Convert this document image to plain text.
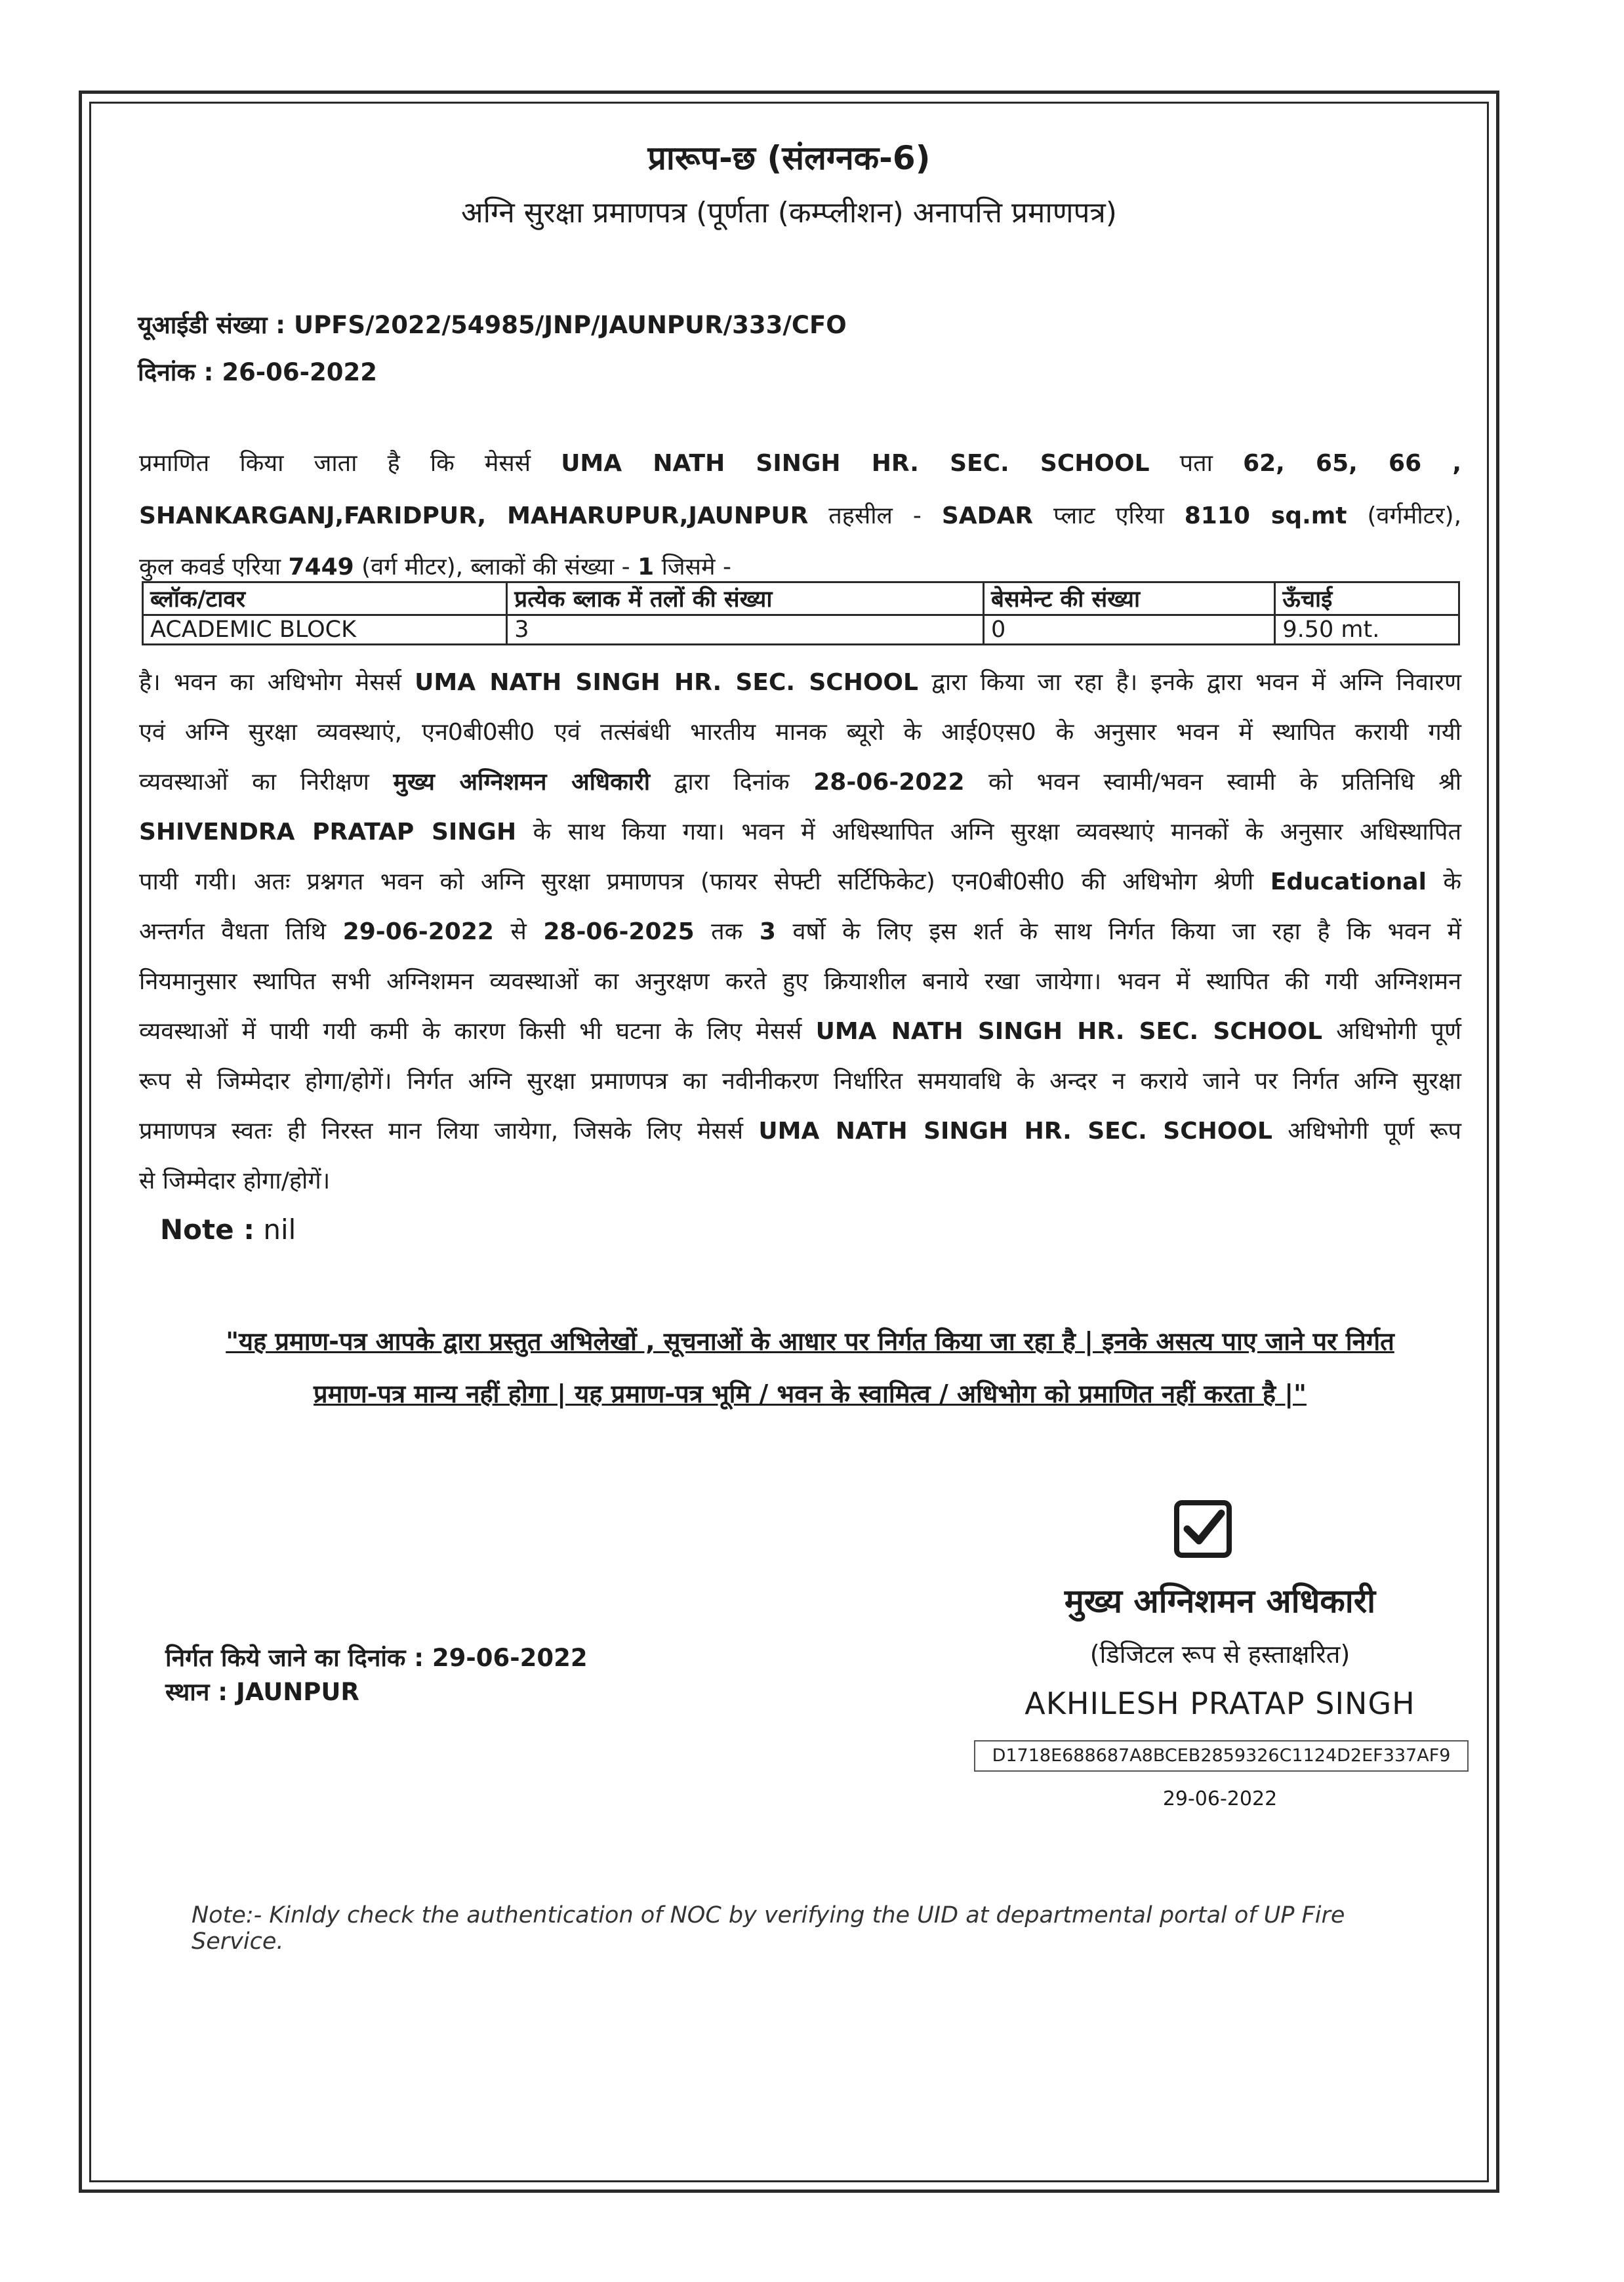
प्रारूप-छ (संलग्नक-6)
अग्नि सुरक्षा प्रमाणपत्र (पूर्णता (कम्प्लीशन) अनापत्ति प्रमाणपत्र)
यूआईडी संख्या : UPFS/2022/54985/JNP/JAUNPUR/333/CFO
दिनांक : 26-06-2022
प्रमाणित किया जाता है कि मेसर्स UMA NATH SINGH HR. SEC. SCHOOL पता 62, 65, 66 ,
SHANKARGANJ,FARIDPUR, MAHARUPUR,JAUNPUR तहसील - SADAR प्लाट एरिया 8110 sq.mt (वर्गमीटर),
कुल कवर्ड एरिया 7449 (वर्ग मीटर), ब्लाकों की संख्या - 1 जिसमे -
ब्लॉक/टावर	प्रत्येक ब्लाक में तलों की संख्या	बेसमेन्ट की संख्या	ऊँचाई
ACADEMIC BLOCK	3	0	9.50 mt.
है। भवन का अधिभोग मेसर्स UMA NATH SINGH HR. SEC. SCHOOL द्वारा किया जा रहा है। इनके द्वारा भवन में अग्नि निवारण
एवं अग्नि सुरक्षा व्यवस्थाएं, एन0बी0सी0 एवं तत्संबंधी भारतीय मानक ब्यूरो के आई0एस0 के अनुसार भवन में स्थापित करायी गयी
व्यवस्थाओं का निरीक्षण मुख्य अग्निशमन अधिकारी द्वारा दिनांक 28-06-2022 को भवन स्वामी/भवन स्वामी के प्रतिनिधि श्री
SHIVENDRA PRATAP SINGH के साथ किया गया। भवन में अधिस्थापित अग्नि सुरक्षा व्यवस्थाएं मानकों के अनुसार अधिस्थापित
पायी गयी। अतः प्रश्नगत भवन को अग्नि सुरक्षा प्रमाणपत्र (फायर सेफ्टी सर्टिफिकेट) एन0बी0सी0 की अधिभोग श्रेणी Educational के
अन्तर्गत वैधता तिथि 29-06-2022 से 28-06-2025 तक 3 वर्षो के लिए इस शर्त के साथ निर्गत किया जा रहा है कि भवन में
नियमानुसार स्थापित सभी अग्निशमन व्यवस्थाओं का अनुरक्षण करते हुए क्रियाशील बनाये रखा जायेगा। भवन में स्थापित की गयी अग्निशमन
व्यवस्थाओं में पायी गयी कमी के कारण किसी भी घटना के लिए मेसर्स UMA NATH SINGH HR. SEC. SCHOOL अधिभोगी पूर्ण
रूप से जिम्मेदार होगा/होगें। निर्गत अग्नि सुरक्षा प्रमाणपत्र का नवीनीकरण निर्धारित समयावधि के अन्दर न कराये जाने पर निर्गत अग्नि सुरक्षा
प्रमाणपत्र स्वतः ही निरस्त मान लिया जायेगा, जिसके लिए मेसर्स UMA NATH SINGH HR. SEC. SCHOOL अधिभोगी पूर्ण रूप
से जिम्मेदार होगा/होगें।
Note : nil
"यह प्रमाण-पत्र आपके द्वारा प्रस्तुत अभिलेखों , सूचनाओं के आधार पर निर्गत किया जा रहा है | इनके असत्य पाए जाने पर निर्गत
प्रमाण-पत्र मान्य नहीं होगा | यह प्रमाण-पत्र भूमि / भवन के स्वामित्व / अधिभोग को प्रमाणित नहीं करता है |"
मुख्य अग्निशमन अधिकारी
(डिजिटल रूप से हस्ताक्षरित)
AKHILESH PRATAP SINGH
D1718E688687A8BCEB2859326C1124D2EF337AF9
29-06-2022
निर्गत किये जाने का दिनांक : 29-06-2022
स्थान : JAUNPUR
Note:- Kinldy check the authentication of NOC by verifying the UID at departmental portal of UP Fire Service.
